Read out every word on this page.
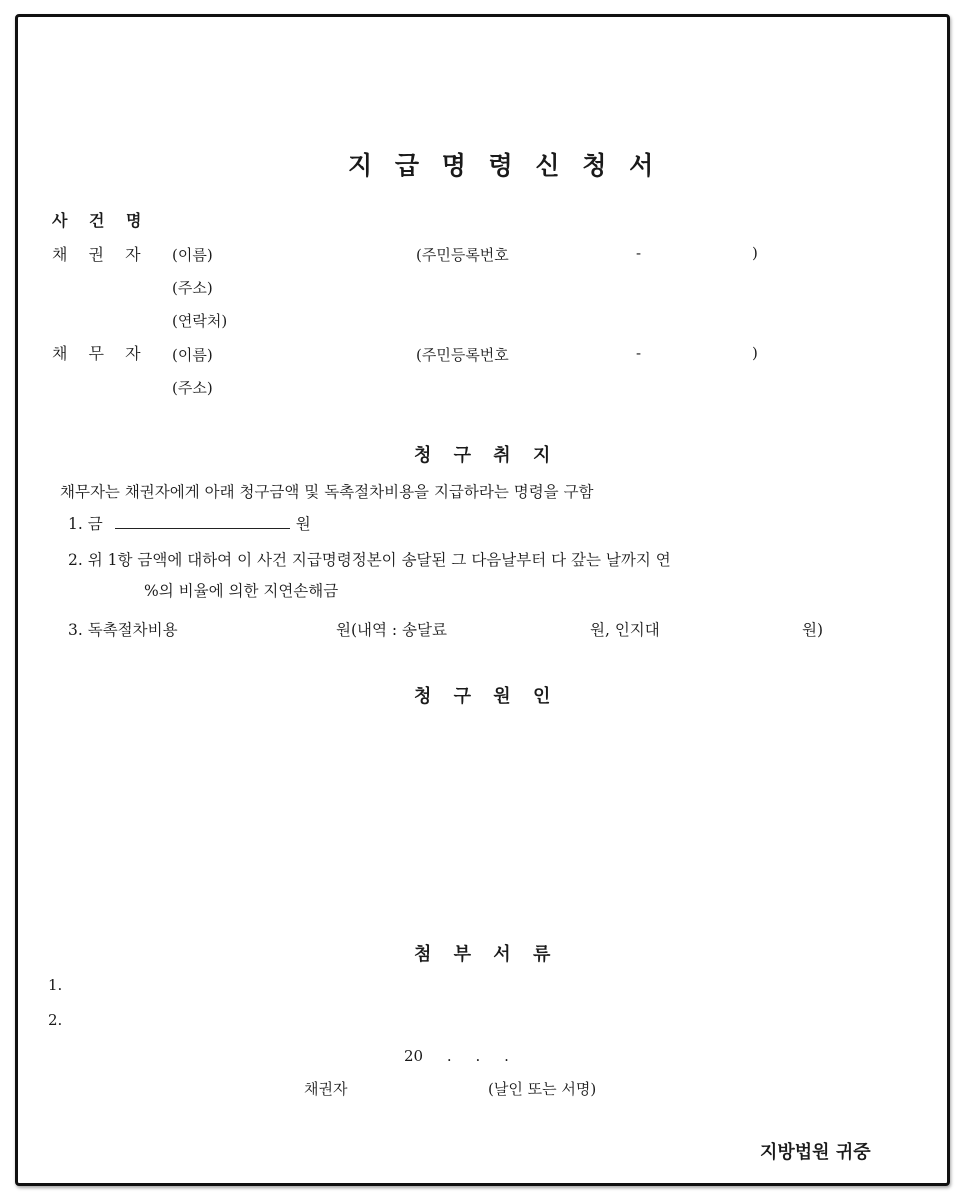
지 급 명 령 신 청 서
사 건 명
채 권 자 (이름)	(주민등록번호	-	)
(주소)
(연락처)
채 무 자 (이름)	(주민등록번호	-	)
(주소)
청 구 취 지
채무자는 채권자에게 아래 청구금액 및 독촉절차비용을 지급하라는 명령을 구함
1. 금	원
2. 위 1항 금액에 대하여 이 사건 지급명령정본이 송달된 그 다음날부터 다 갚는 날까지 연
%의 비율에 의한 지연손해금
3. 독촉절차비용	원(내역 : 송달료	원, 인지대	원)
청 구 원 인
첨 부 서 류
1.
2.
20     .     .     .
채권자	(날인 또는 서명)
지방법원 귀중
